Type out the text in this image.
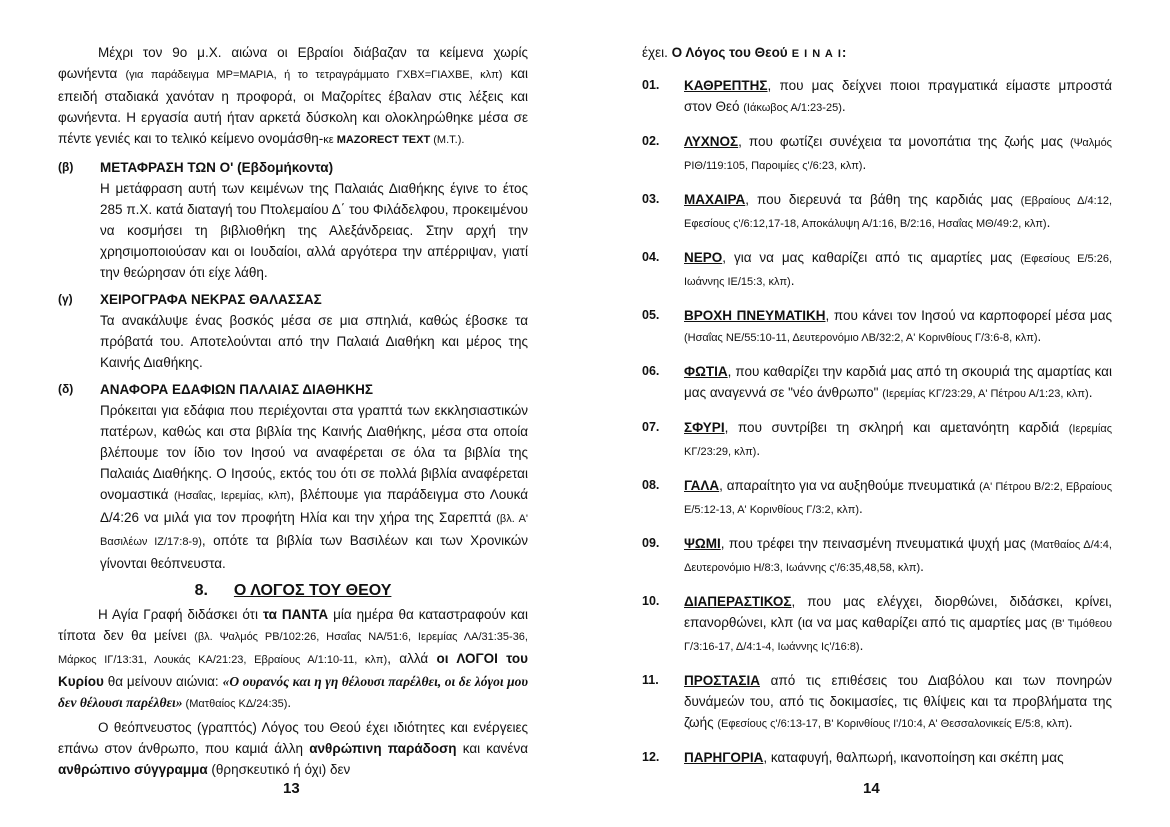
Μέχρι τον 9ο μ.Χ. αιώνα οι Εβραίοι διάβαζαν τα κείμενα χωρίς φωνήεντα (για παράδειγμα ΜΡ=ΜΑΡΙΑ, ή το τετραγράμματο ΓΧΒΧ=ΓΙΑΧΒΕ, κλπ) και επειδή σταδιακά χανόταν η προφορά, οι Μαζορίτες έβαλαν στις λέξεις και φωνήεντα. Η εργασία αυτή ήταν αρκετά δύσκολη και ολοκληρώθηκε μέσα σε πέντε γενιές και το τελικό κείμενο ονομάσθη-κε MAZORECT TEXT (Μ.Τ.).

(β)	ΜΕΤΑΦΡΑΣΗ ΤΩΝ Ο' (Εβδομήκοντα)

Η μετάφραση αυτή των κειμένων της Παλαιάς Διαθήκης έγινε το έτος 285 π.Χ. κατά διαταγή του Πτολεμαίου Δ΄ του Φιλάδελφου, προκειμένου να κοσμήσει τη βιβλιοθήκη της Αλεξάνδρειας. Στην αρχή την χρησιμοποιούσαν και οι Ιουδαίοι, αλλά αργότερα την απέρριψαν, γιατί την θεώρησαν ότι είχε λάθη.

(γ)	ΧΕΙΡΟΓΡΑΦΑ ΝΕΚΡΑΣ ΘΑΛΑΣΣΑΣ

Τα ανακάλυψε ένας βοσκός μέσα σε μια σπηλιά, καθώς έβοσκε τα πρόβατά του. Αποτελούνται από την Παλαιά Διαθήκη και μέρος της Καινής Διαθήκης.

(δ)	ΑΝΑΦΟΡΑ ΕΔΑΦΙΩΝ ΠΑΛΑΙΑΣ ΔΙΑΘΗΚΗΣ

Πρόκειται για εδάφια που περιέχονται στα γραπτά των εκκλησιαστικών πατέρων, καθώς και στα βιβλία της Καινής Διαθήκης, μέσα στα οποία βλέπουμε τον ίδιο τον Ιησού να αναφέρεται σε όλα τα βιβλία της Παλαιάς Διαθήκης. Ο Ιησούς, εκτός του ότι σε πολλά βιβλία αναφέρεται ονομαστικά (Ησαΐας, Ιερεμίας, κλπ), βλέπουμε για παράδειγμα στο Λουκά Δ/4:26 να μιλά για τον προφήτη Ηλία και την χήρα της Σαρεπτά (βλ. Α' Βασιλέων ΙΖ/17:8-9), οπότε τα βιβλία των Βασιλέων και των Χρονικών γίνονται θεόπνευστα.

8. Ο ΛΟΓΟΣ ΤΟΥ ΘΕΟΥ

Η Αγία Γραφή διδάσκει ότι τα ΠΑΝΤΑ μία ημέρα θα καταστραφούν και τίποτα δεν θα μείνει (βλ. Ψαλμός ΡΒ/102:26, Ησαΐας ΝΑ/51:6, Ιερεμίας ΛΑ/31:35-36, Μάρκος ΙΓ/13:31, Λουκάς ΚΑ/21:23, Εβραίους Α/1:10-11, κλπ), αλλά οι ΛΟΓΟΙ του Κυρίου θα μείνουν αιώνια: «Ο ουρανός και η γη θέλουσι παρέλθει, οι δε λόγοι μου δεν θέλουσι παρέλθει» (Ματθαίος ΚΔ/24:35).

Ο θεόπνευστος (γραπτός) Λόγος του Θεού έχει ιδιότητες και ενέργειες επάνω στον άνθρωπο, που καμιά άλλη ανθρώπινη παράδοση και κανένα ανθρώπινο σύγγραμμα (θρησκευτικό ή όχι) δεν

13

έχει. Ο Λόγος του Θεού Ε Ι Ν Α Ι:

01.	ΚΑΘΡΕΠΤΗΣ, που μας δείχνει ποιοι πραγματικά είμαστε μπροστά στον Θεό (Ιάκωβος Α/1:23-25).
02.	ΛΥΧΝΟΣ, που φωτίζει συνέχεια τα μονοπάτια της ζωής μας (Ψαλμός ΡΙΘ/119:105, Παροιμίες ς'/6:23, κλπ).
03.	ΜΑΧΑΙΡΑ, που διερευνά τα βάθη της καρδιάς μας (Εβραίους Δ/4:12, Εφεσίους ς'/6:12,17-18, Αποκάλυψη Α/1:16, Β/2:16, Ησαΐας ΜΘ/49:2, κλπ).
04.	ΝΕΡΟ, για να μας καθαρίζει από τις αμαρτίες μας (Εφεσίους Ε/5:26, Ιωάννης ΙΕ/15:3, κλπ).
05.	ΒΡΟΧΗ ΠΝΕΥΜΑΤΙΚΗ, που κάνει τον Ιησού να καρποφορεί μέσα μας (Ησαΐας ΝΕ/55:10-11, Δευτερονόμιο ΛΒ/32:2, Α' Κορινθίους Γ/3:6-8, κλπ).
06.	ΦΩΤΙΑ, που καθαρίζει την καρδιά μας από τη σκουριά της αμαρτίας και μας αναγεννά σε "νέο άνθρωπο" (Ιερεμίας ΚΓ/23:29, Α' Πέτρου Α/1:23, κλπ).
07.	ΣΦΥΡΙ, που συντρίβει τη σκληρή και αμετανόητη καρδιά (Ιερεμίας ΚΓ/23:29, κλπ).
08.	ΓΑΛΑ, απαραίτητο για να αυξηθούμε πνευματικά (Α' Πέτρου Β/2:2, Εβραίους Ε/5:12-13, Α' Κορινθίους Γ/3:2, κλπ).
09.	ΨΩΜΙ, που τρέφει την πεινασμένη πνευματικά ψυχή μας (Ματθαίος Δ/4:4, Δευτερονόμιο Η/8:3, Ιωάννης ς'/6:35,48,58, κλπ).
10.	ΔΙΑΠΕΡΑΣΤΙΚΟΣ, που μας ελέγχει, διορθώνει, διδάσκει, κρίνει, επανορθώνει, κλπ (ια να μας καθαρίζει από τις αμαρτίες μας (Β' Τιμόθεου Γ/3:16-17, Δ/4:1-4, Ιωάννης Ις'/16:8).
11.	ΠΡΟΣΤΑΣΙΑ από τις επιθέσεις του Διαβόλου και των πονηρών δυνάμεών του, από τις δοκιμασίες, τις θλίψεις και τα προβλήματα της ζωής (Εφεσίους ς'/6:13-17, Β' Κορινθίους Ι'/10:4, Α' Θεσσαλονικείς Ε/5:8, κλπ).
12.	ΠΑΡΗΓΟΡΙΑ, καταφυγή, θαλπωρή, ικανοποίηση και σκέπη μας
14
